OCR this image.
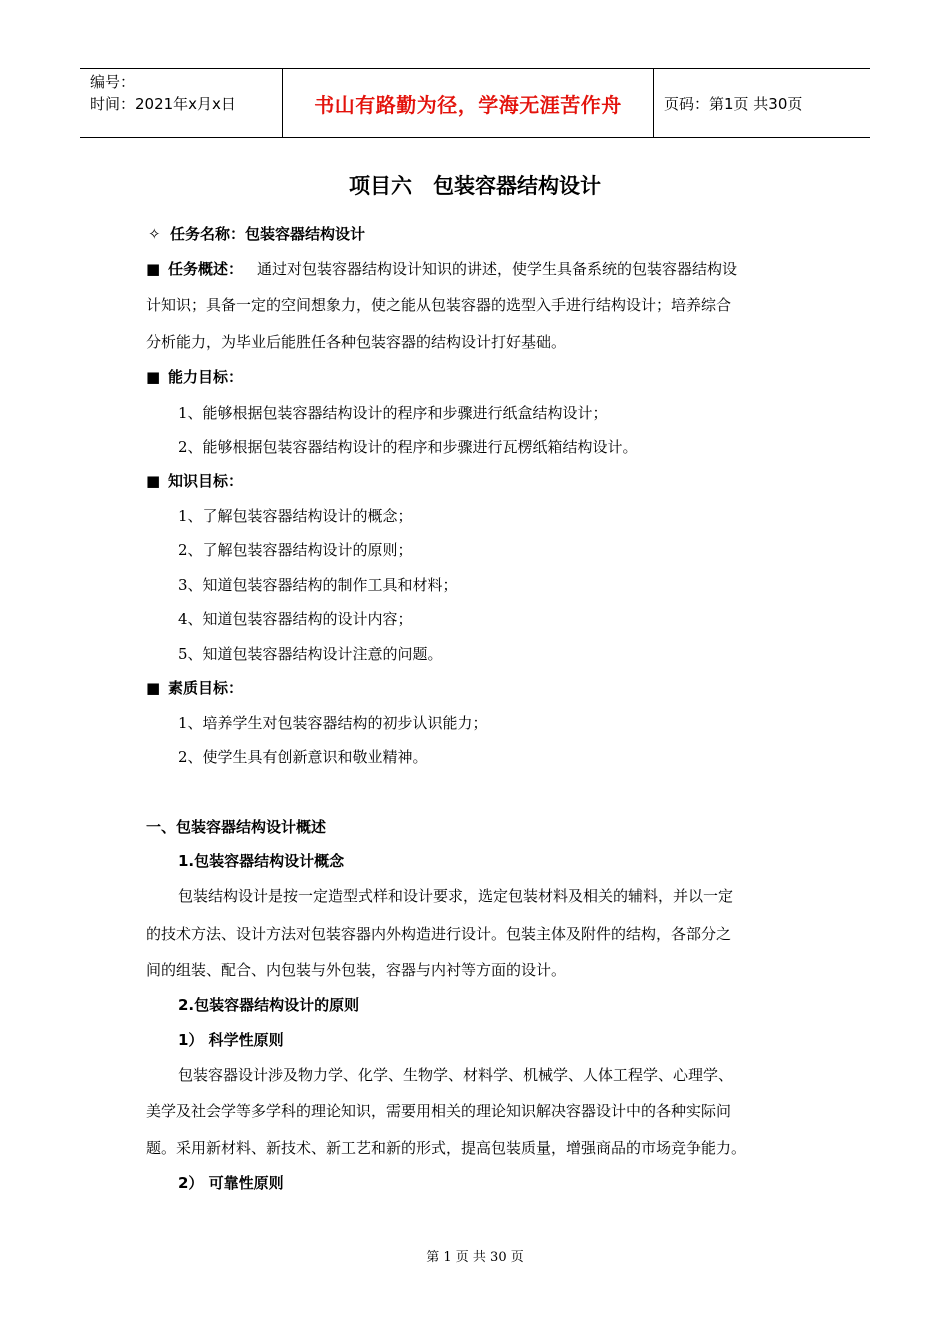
编号：
时间：2021年x月x日	书山有路勤为径，学海无涯苦作舟	页码：第1页 共30页
项目六　包装容器结构设计
✧ 任务名称：包装容器结构设计
■ 任务概述： 通过对包装容器结构设计知识的讲述，使学生具备系统的包装容器结构设
计知识；具备一定的空间想象力，使之能从包装容器的选型入手进行结构设计；培养综合
分析能力，为毕业后能胜任各种包装容器的结构设计打好基础。
■ 能力目标：
1、能够根据包装容器结构设计的程序和步骤进行纸盒结构设计；
2、能够根据包装容器结构设计的程序和步骤进行瓦楞纸箱结构设计。
■ 知识目标：
1、了解包装容器结构设计的概念；
2、了解包装容器结构设计的原则；
3、知道包装容器结构的制作工具和材料；
4、知道包装容器结构的设计内容；
5、知道包装容器结构设计注意的问题。
■ 素质目标：
1、培养学生对包装容器结构的初步认识能力；
2、使学生具有创新意识和敬业精神。
一、包装容器结构设计概述
1.包装容器结构设计概念
包装结构设计是按一定造型式样和设计要求，选定包装材料及相关的辅料，并以一定
的技术方法、设计方法对包装容器内外构造进行设计。包装主体及附件的结构，各部分之
间的组装、配合、内包装与外包装，容器与内衬等方面的设计。
2.包装容器结构设计的原则
1） 科学性原则
包装容器设计涉及物力学、化学、生物学、材料学、机械学、人体工程学、心理学、
美学及社会学等多学科的理论知识，需要用相关的理论知识解决容器设计中的各种实际问
题。采用新材料、新技术、新工艺和新的形式，提高包装质量，增强商品的市场竞争能力。
2） 可靠性原则
第 1 页 共 30 页
